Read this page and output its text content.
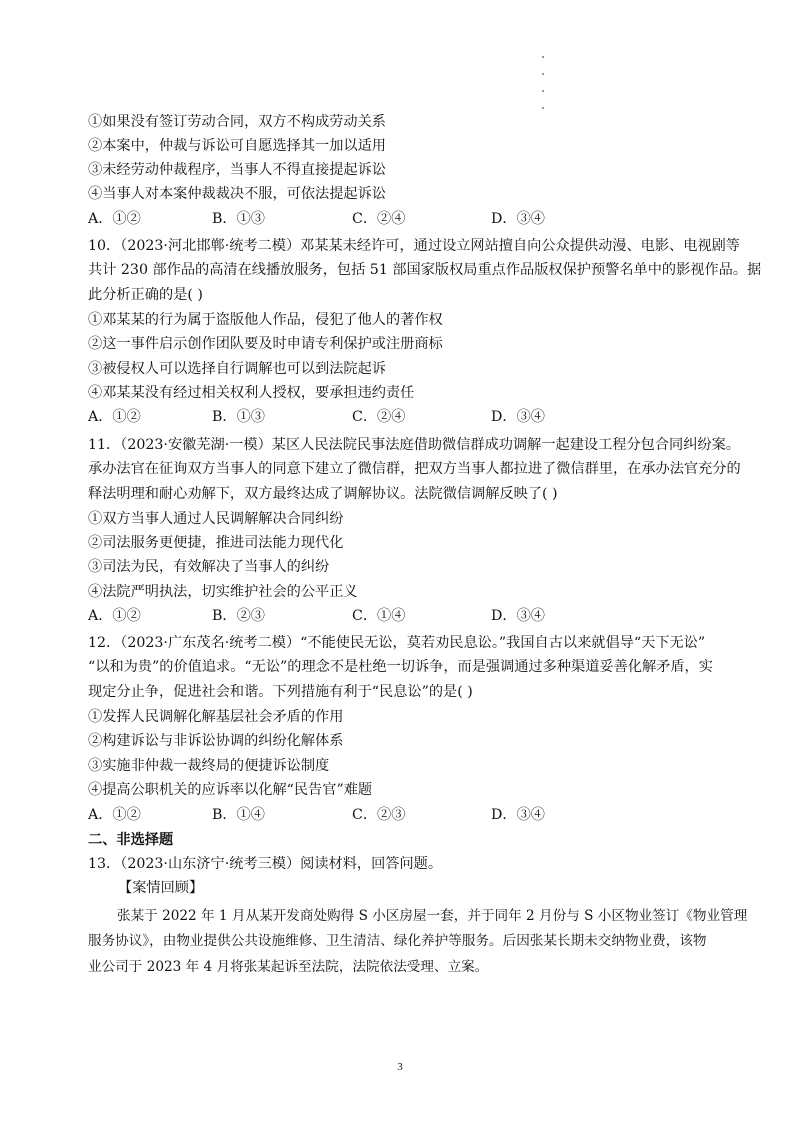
①如果没有签订劳动合同，双方不构成劳动关系
②本案中，仲裁与诉讼可自愿选择其一加以适用
③未经劳动仲裁程序，当事人不得直接提起诉讼
④当事人对本案仲裁裁决不服，可依法提起诉讼
A．①②	B．①③	C．②④	D．③④
10．（2023·河北邯郸·统考二模）邓某某未经许可，通过设立网站擅自向公众提供动漫、电影、电视剧等
共计 230 部作品的高清在线播放服务，包括 51 部国家版权局重点作品版权保护预警名单中的影视作品。据
此分析正确的是( )
①邓某某的行为属于盗版他人作品，侵犯了他人的著作权
②这一事件启示创作团队要及时申请专利保护或注册商标
③被侵权人可以选择自行调解也可以到法院起诉
④邓某某没有经过相关权利人授权，要承担违约责任
A．①②	B．①③	C．②④	D．③④
11．（2023·安徽芜湖·一模）某区人民法院民事法庭借助微信群成功调解一起建设工程分包合同纠纷案。
承办法官在征询双方当事人的同意下建立了微信群，把双方当事人都拉进了微信群里，在承办法官充分的
释法明理和耐心劝解下，双方最终达成了调解协议。法院微信调解反映了( )
①双方当事人通过人民调解解决合同纠纷
②司法服务更便捷，推进司法能力现代化
③司法为民，有效解决了当事人的纠纷
④法院严明执法，切实维护社会的公平正义
A．①②	B．②③	C．①④	D．③④
12．（2023·广东茂名·统考二模）“不能使民无讼，莫若劝民息讼。”我国自古以来就倡导“天下无讼”
“以和为贵”的价值追求。“无讼”的理念不是杜绝一切诉争，而是强调通过多种渠道妥善化解矛盾，实
现定分止争，促进社会和谐。下列措施有利于“民息讼”的是( )
①发挥人民调解化解基层社会矛盾的作用
②构建诉讼与非诉讼协调的纠纷化解体系
③实施非仲裁一裁终局的便捷诉讼制度
④提高公职机关的应诉率以化解“民告官”难题
A．①②	B．①④	C．②③	D．③④
二、非选择题
13．（2023·山东济宁·统考三模）阅读材料，回答问题。
【案情回顾】
张某于 2022 年 1 月从某开发商处购得 S 小区房屋一套，并于同年 2 月份与 S 小区物业签订《物业管理
服务协议》，由物业提供公共设施维修、卫生清洁、绿化养护等服务。后因张某长期未交纳物业费，该物
业公司于 2023 年 4 月将张某起诉至法院，法院依法受理、立案。
3
